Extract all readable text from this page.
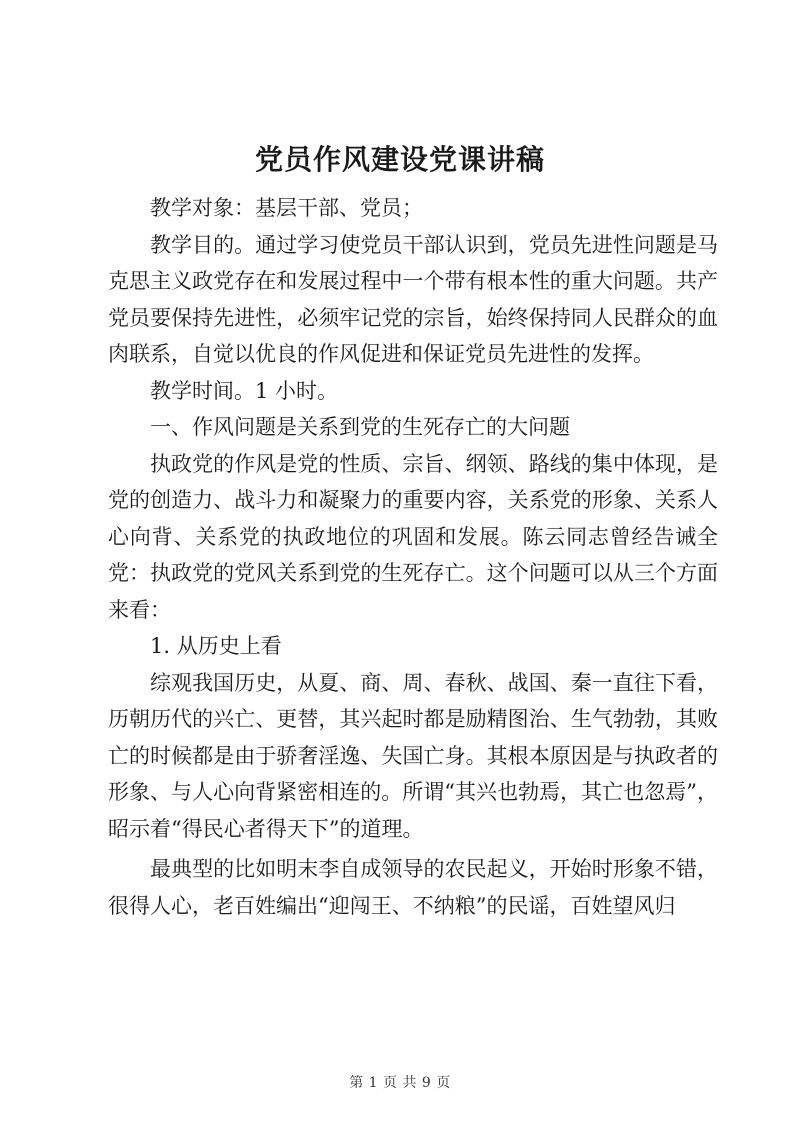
党员作风建设党课讲稿

教学对象：基层干部、党员；

教学目的。通过学习使党员干部认识到，党员先进性问题是马克思主义政党存在和发展过程中一个带有根本性的重大问题。共产党员要保持先进性，必须牢记党的宗旨，始终保持同人民群众的血肉联系，自觉以优良的作风促进和保证党员先进性的发挥。

教学时间。1 小时。

一、作风问题是关系到党的生死存亡的大问题

执政党的作风是党的性质、宗旨、纲领、路线的集中体现，是党的创造力、战斗力和凝聚力的重要内容，关系党的形象、关系人心向背、关系党的执政地位的巩固和发展。陈云同志曾经告诫全党：执政党的党风关系到党的生死存亡。这个问题可以从三个方面来看：

1. 从历史上看

综观我国历史，从夏、商、周、春秋、战国、秦一直往下看，历朝历代的兴亡、更替，其兴起时都是励精图治、生气勃勃，其败亡的时候都是由于骄奢淫逸、失国亡身。其根本原因是与执政者的形象、与人心向背紧密相连的。所谓“其兴也勃焉，其亡也忽焉”，昭示着“得民心者得天下”的道理。

最典型的比如明末李自成领导的农民起义，开始时形象不错，很得人心，老百姓编出“迎闯王、不纳粮”的民谣，百姓望风归

第 1 页 共 9 页
